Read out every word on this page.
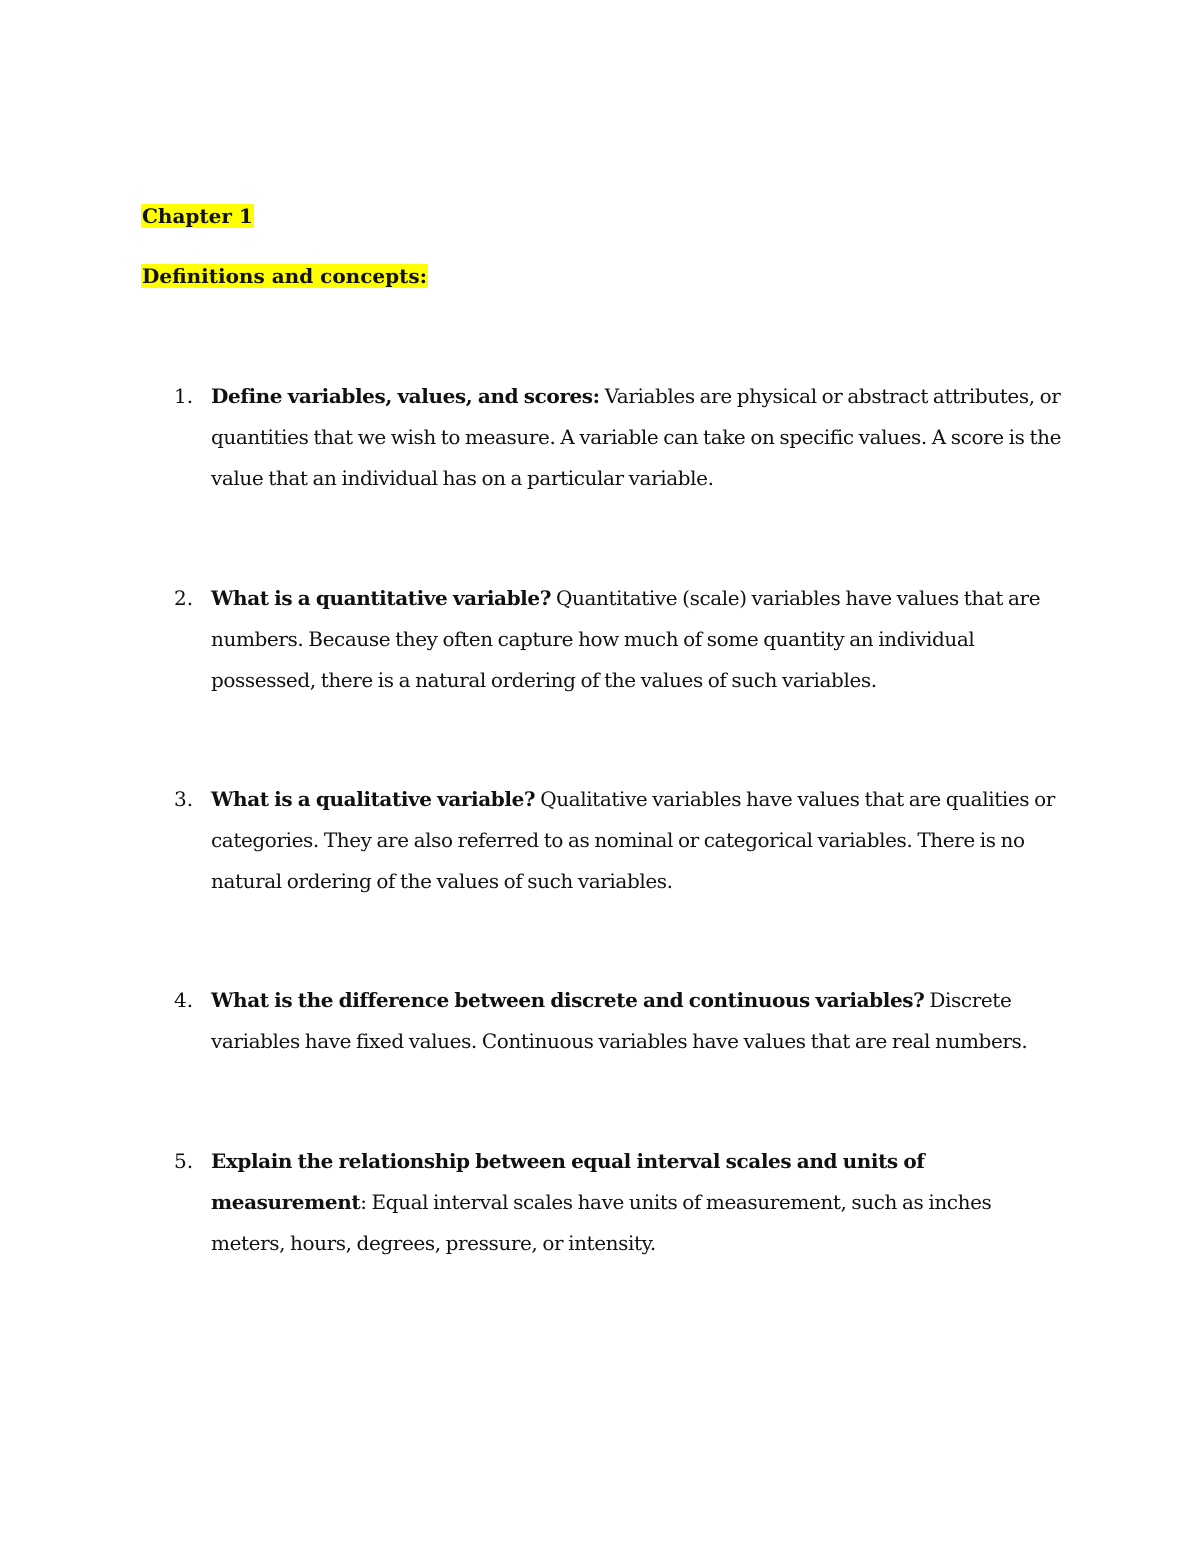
Chapter 1
Definitions and concepts:
1. Define variables, values, and scores: Variables are physical or abstract attributes, or quantities that we wish to measure. A variable can take on specific values. A score is the value that an individual has on a particular variable.
2. What is a quantitative variable? Quantitative (scale) variables have values that are numbers. Because they often capture how much of some quantity an individual possessed, there is a natural ordering of the values of such variables.
3. What is a qualitative variable? Qualitative variables have values that are qualities or categories. They are also referred to as nominal or categorical variables. There is no natural ordering of the values of such variables.
4. What is the difference between discrete and continuous variables? Discrete variables have fixed values. Continuous variables have values that are real numbers.
5. Explain the relationship between equal interval scales and units of measurement: Equal interval scales have units of measurement, such as inches meters, hours, degrees, pressure, or intensity.
